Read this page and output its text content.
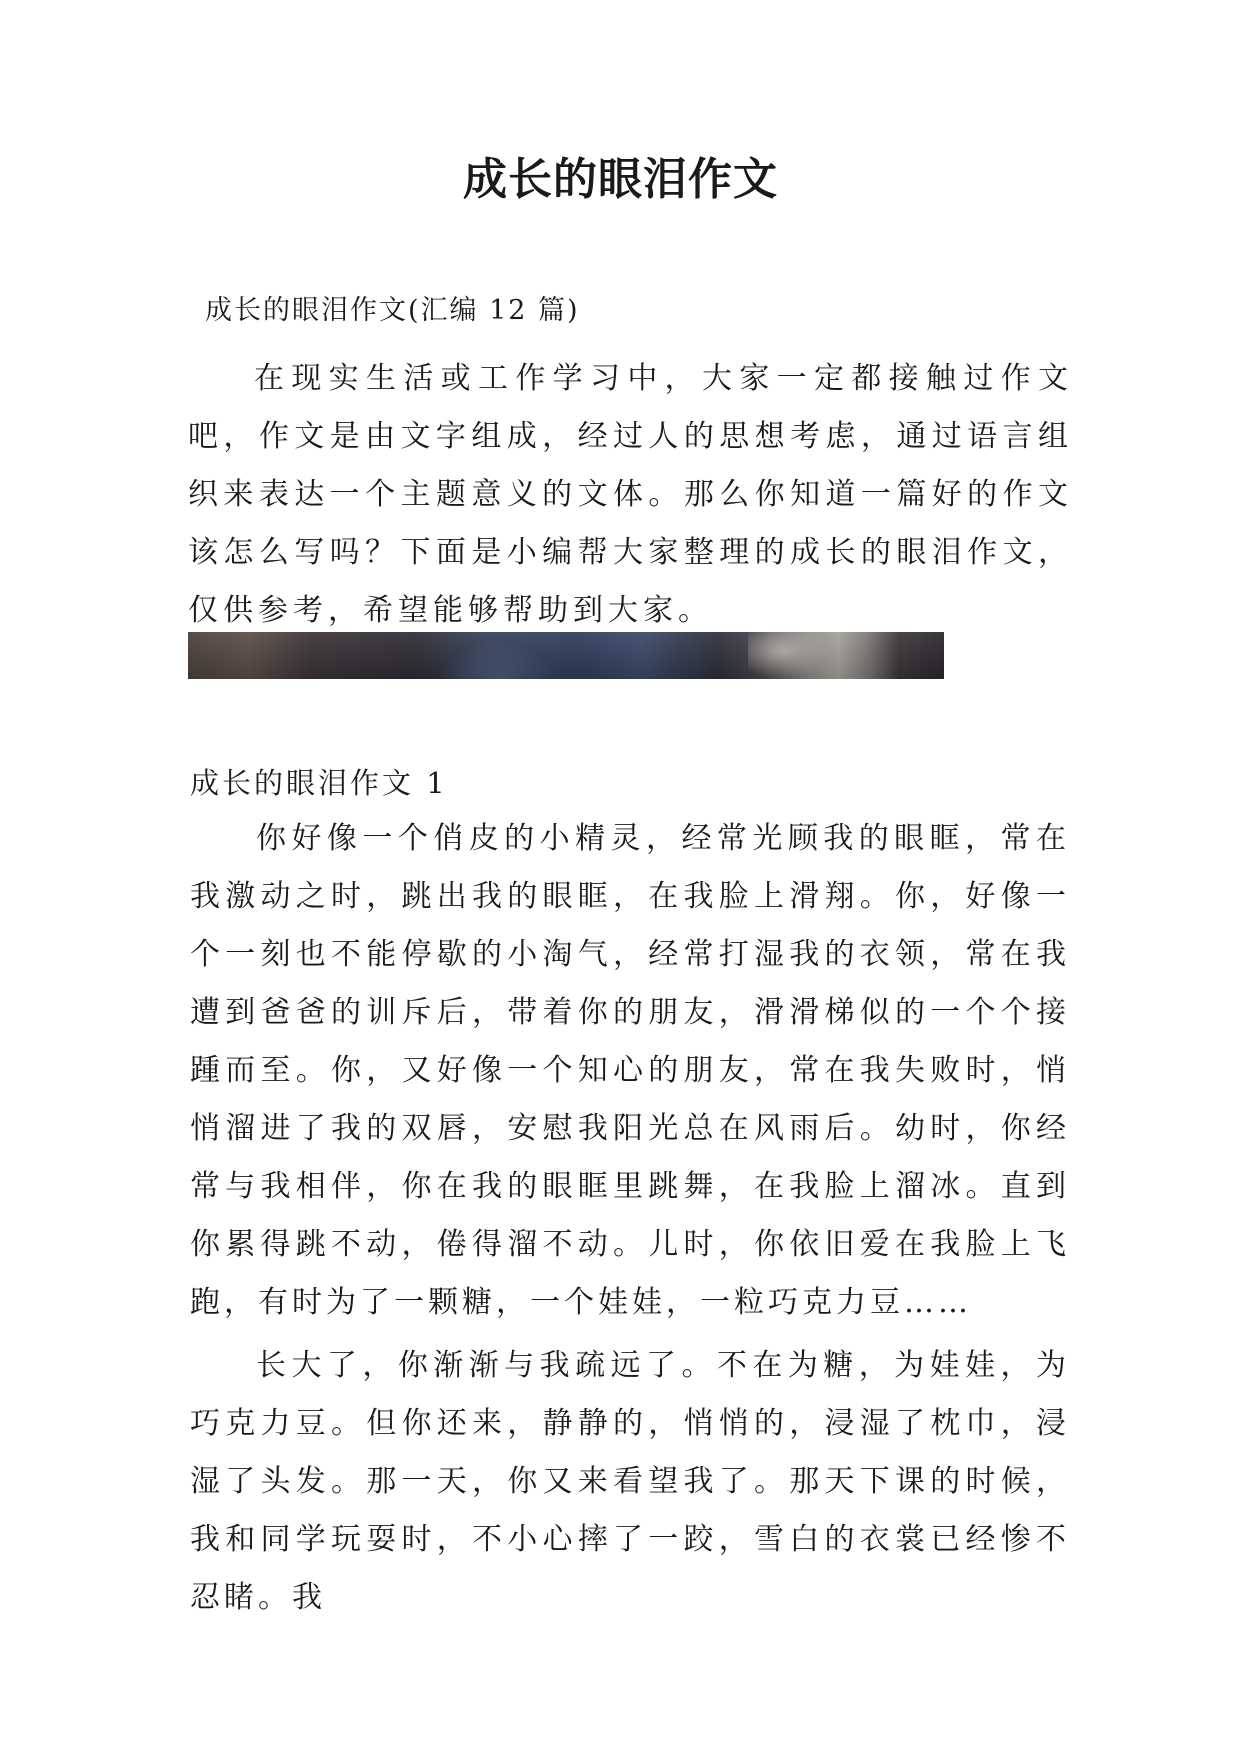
成长的眼泪作文
成长的眼泪作文(汇编 12 篇)

在现实生活或工作学习中，大家一定都接触过作文吧，作文是由文字组成，经过人的思想考虑，通过语言组织来表达一个主题意义的文体。那么你知道一篇好的作文该怎么写吗？下面是小编帮大家整理的成长的眼泪作文，仅供参考，希望能够帮助到大家。

成长的眼泪作文 1

你好像一个俏皮的小精灵，经常光顾我的眼眶，常在我激动之时，跳出我的眼眶，在我脸上滑翔。你，好像一个一刻也不能停歇的小淘气，经常打湿我的衣领，常在我遭到爸爸的训斥后，带着你的朋友，滑滑梯似的一个个接踵而至。你，又好像一个知心的朋友，常在我失败时，悄悄溜进了我的双唇，安慰我阳光总在风雨后。幼时，你经常与我相伴，你在我的眼眶里跳舞，在我脸上溜冰。直到你累得跳不动，倦得溜不动。儿时，你依旧爱在我脸上飞跑，有时为了一颗糖，一个娃娃，一粒巧克力豆……

长大了，你渐渐与我疏远了。不在为糖，为娃娃，为巧克力豆。但你还来，静静的，悄悄的，浸湿了枕巾，浸湿了头发。那一天，你又来看望我了。那天下课的时候，我和同学玩耍时，不小心摔了一跤，雪白的衣裳已经惨不忍睹。我
